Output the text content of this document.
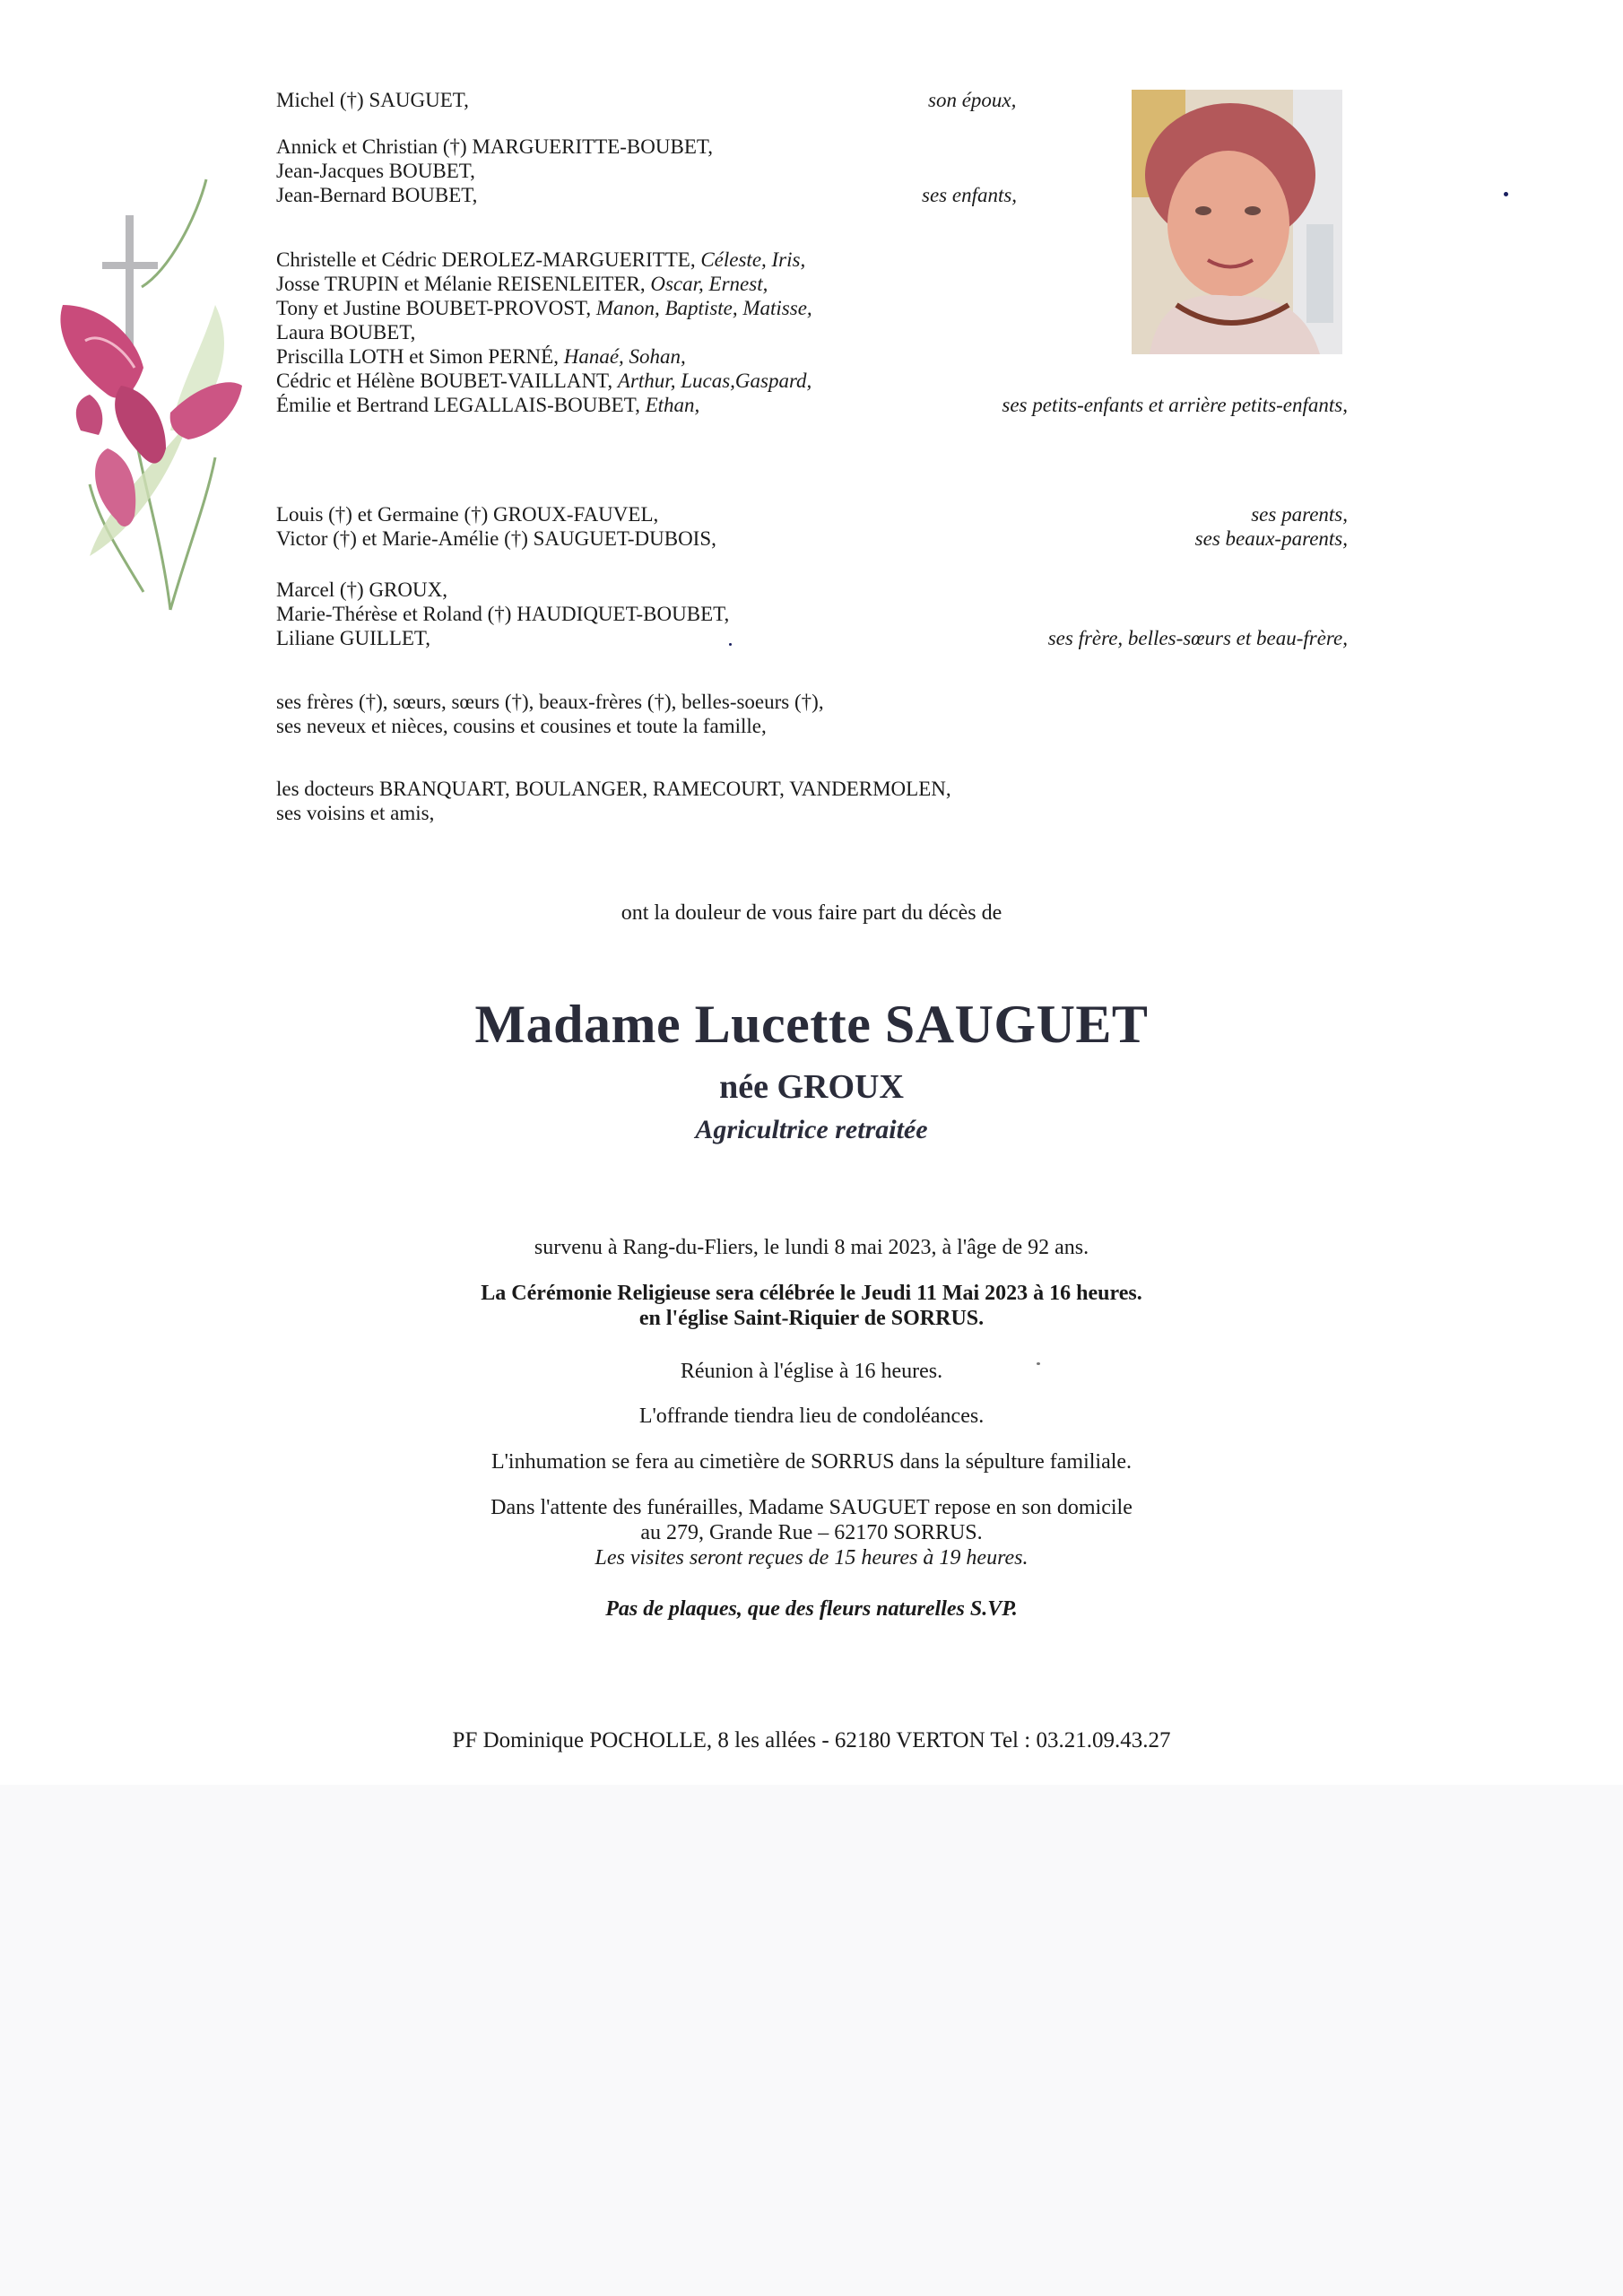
Michel (†) SAUGUET,	son époux,
Annick et Christian (†) MARGUERITTE-BOUBET,
Jean-Jacques BOUBET,
Jean-Bernard BOUBET,	ses enfants,
Christelle et Cédric DEROLEZ-MARGUERITTE, Céleste, Iris,
Josse TRUPIN et Mélanie REISENLEITER, Oscar, Ernest,
Tony et Justine BOUBET-PROVOST, Manon, Baptiste, Matisse,
Laura BOUBET,
Priscilla LOTH et Simon PERNÉ, Hanaé, Sohan,
Cédric et Hélène BOUBET-VAILLANT, Arthur, Lucas,Gaspard,
Émilie et Bertrand LEGALLAIS-BOUBET, Ethan,	ses petits-enfants et arrière petits-enfants,
Louis (†) et Germaine (†) GROUX-FAUVEL,	ses parents,
Victor (†) et Marie-Amélie (†) SAUGUET-DUBOIS,	ses beaux-parents,
Marcel (†) GROUX,
Marie-Thérèse et Roland (†) HAUDIQUET-BOUBET,
Liliane GUILLET,	ses frère, belles-sœurs et beau-frère,
ses frères (†), sœurs, sœurs (†), beaux-frères (†), belles-soeurs (†),
ses neveux et nièces, cousins et cousines et toute la famille,
les docteurs BRANQUART, BOULANGER, RAMECOURT, VANDERMOLEN,
ses voisins et amis,
ont la douleur de vous faire part du décès de
Madame Lucette SAUGUET
née GROUX
Agricultrice retraitée
survenu à Rang-du-Fliers, le lundi 8 mai 2023, à l'âge de 92 ans.
La Cérémonie Religieuse sera célébrée le Jeudi 11 Mai 2023 à 16 heures.
en l'église Saint-Riquier de SORRUS.
Réunion à l'église à 16 heures.
L'offrande tiendra lieu de condoléances.
L'inhumation se fera au cimetière de SORRUS dans la sépulture familiale.
Dans l'attente des funérailles, Madame SAUGUET repose en son domicile
au 279, Grande Rue – 62170 SORRUS.
Les visites seront reçues de 15 heures à 19 heures.
Pas de plaques, que des fleurs naturelles S.VP.
PF Dominique POCHOLLE, 8 les allées - 62180 VERTON Tel : 03.21.09.43.27
